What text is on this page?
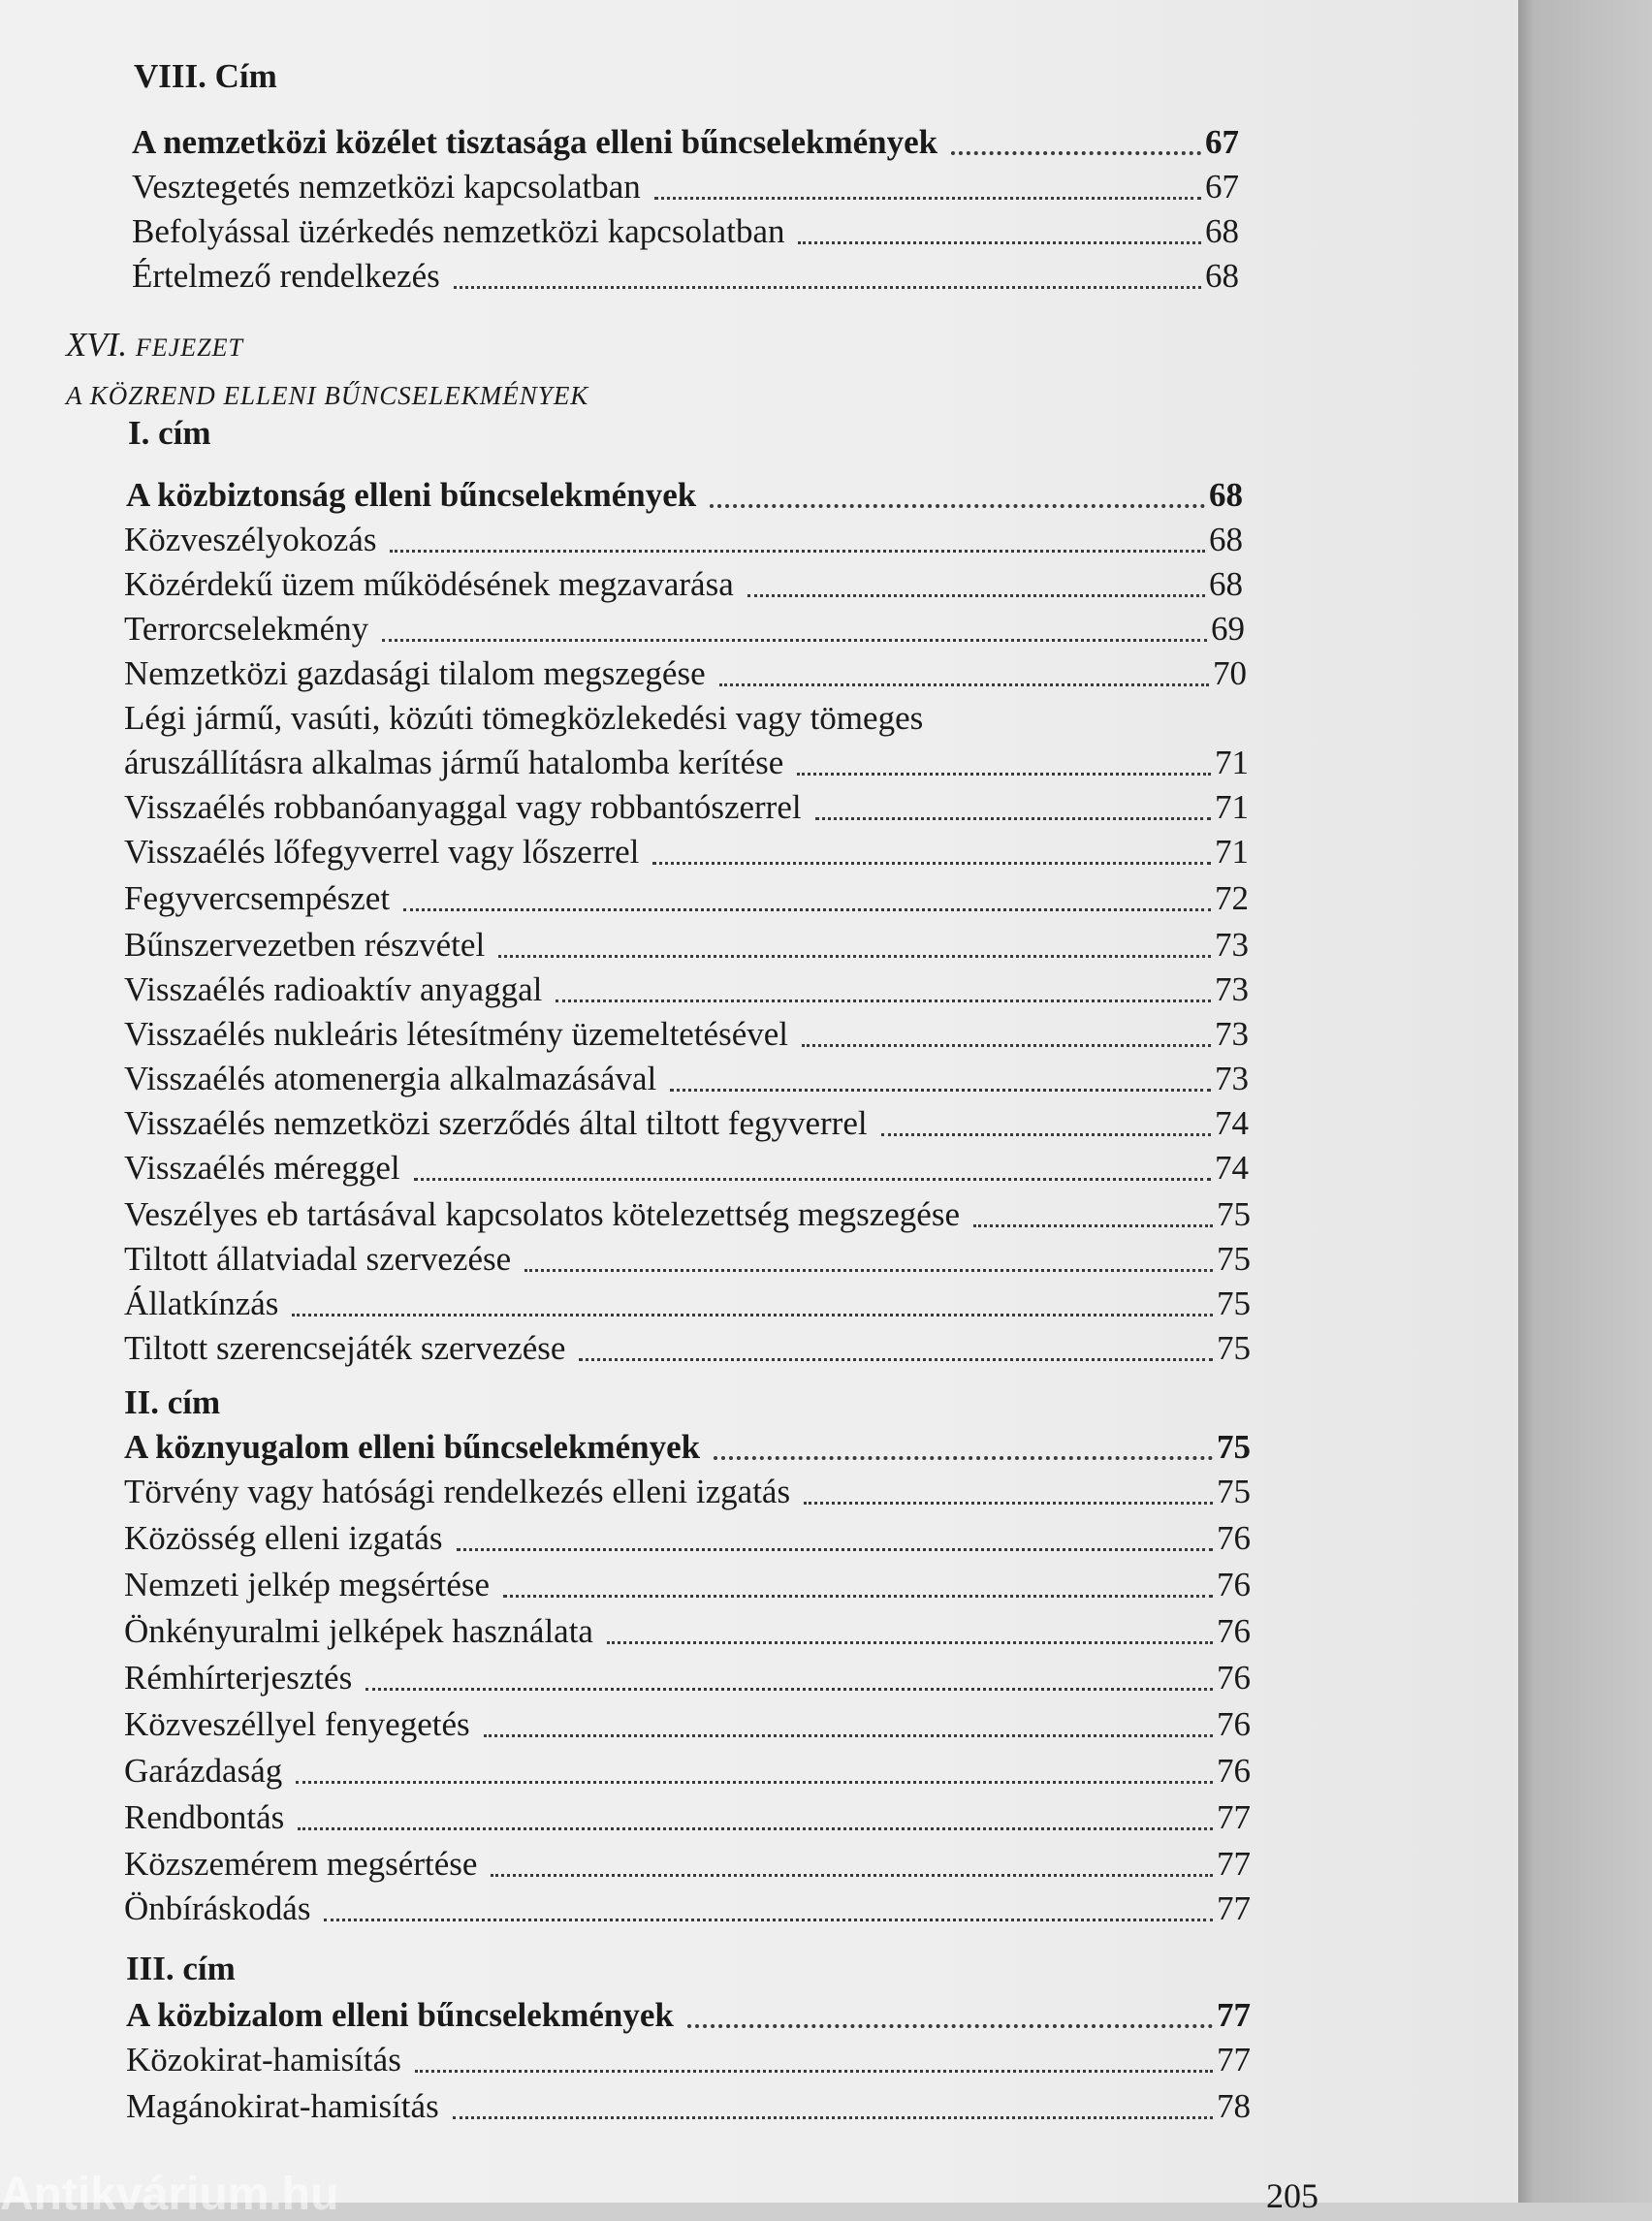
VIII. Cím
A nemzetközi közélet tisztasága elleni bűncselekmények	67
Vesztegetés nemzetközi kapcsolatban	67
Befolyással üzérkedés nemzetközi kapcsolatban	68
Értelmező rendelkezés	68
XVI. FEJEZET
A KÖZREND ELLENI BŰNCSELEKMÉNYEK
I. cím
A közbiztonság elleni bűncselekmények	68
Közveszélyokozás	68
Közérdekű üzem működésének megzavarása	68
Terrorcselekmény	69
Nemzetközi gazdasági tilalom megszegése	70
Légi jármű, vasúti, közúti tömegközlekedési vagy tömeges
áruszállításra alkalmas jármű hatalomba kerítése	71
Visszaélés robbanóanyaggal vagy robbantószerrel	71
Visszaélés lőfegyverrel vagy lőszerrel	71
Fegyvercsempészet	72
Bűnszervezetben részvétel	73
Visszaélés radioaktív anyaggal	73
Visszaélés nukleáris létesítmény üzemeltetésével	73
Visszaélés atomenergia alkalmazásával	73
Visszaélés nemzetközi szerződés által tiltott fegyverrel	74
Visszaélés méreggel	74
Veszélyes eb tartásával kapcsolatos kötelezettség megszegése	75
Tiltott állatviadal szervezése	75
Állatkínzás	75
Tiltott szerencsejáték szervezése	75
II. cím
A köznyugalom elleni bűncselekmények	75
Törvény vagy hatósági rendelkezés elleni izgatás	75
Közösség elleni izgatás	76
Nemzeti jelkép megsértése	76
Önkényuralmi jelképek használata	76
Rémhírterjesztés	76
Közveszéllyel fenyegetés	76
Garázdaság	76
Rendbontás	77
Közszemérem megsértése	77
Önbíráskodás	77
III. cím
A közbizalom elleni bűncselekmények	77
Közokirat-hamisítás	77
Magánokirat-hamisítás	78
205
Antikvárium.hu
